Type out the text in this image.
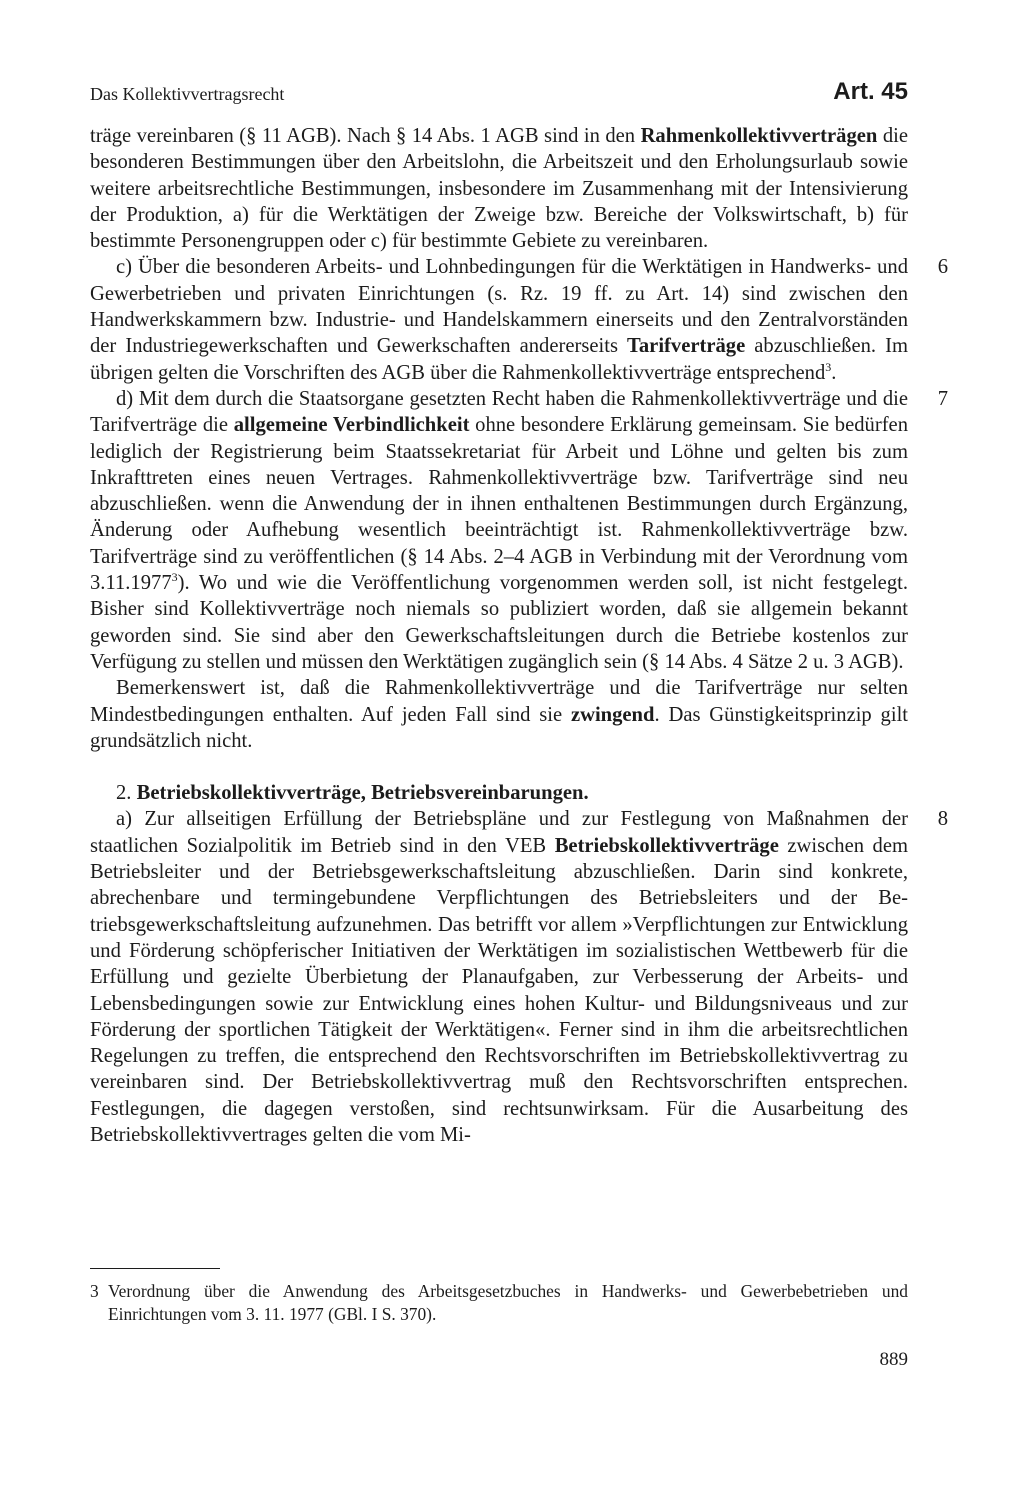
Das Kollektivvertragsrecht	Art. 45

träge vereinbaren (§ 11 AGB). Nach § 14 Abs. 1 AGB sind in den Rahmenkollektivverträgen die besonderen Bestimmungen über den Arbeitslohn, die Arbeitszeit und den Erholungsurlaub sowie weitere arbeitsrechtliche Bestimmungen, insbesondere im Zusammenhang mit der Intensivierung der Produktion, a) für die Werktätigen der Zweige bzw. Bereiche der Volkswirtschaft, b) für bestimmte Personengruppen oder c) für bestimmte Gebiete zu vereinbaren.

6
c) Über die besonderen Arbeits- und Lohnbedingungen für die Werktätigen in Handwerks- und Gewerbetrieben und privaten Einrichtungen (s. Rz. 19 ff. zu Art. 14) sind zwischen den Handwerkskammern bzw. Industrie- und Handelskammern einerseits und den Zentralvorständen der Industriegewerkschaften und Gewerkschaften andererseits Tarifverträge abzuschließen. Im übrigen gelten die Vorschriften des AGB über die Rahmenkollektivverträge entsprechend$^3$.

7
d) Mit dem durch die Staatsorgane gesetzten Recht haben die Rahmenkollektivverträge und die Tarifverträge die allgemeine Verbindlichkeit ohne besondere Erklärung gemeinsam. Sie bedürfen lediglich der Registrierung beim Staatssekretariat für Arbeit und Löhne und gelten bis zum Inkrafttreten eines neuen Vertrages. Rahmenkollektivverträge bzw. Tarifverträge sind neu abzuschließen. wenn die Anwendung der in ihnen enthaltenen Bestimmungen durch Ergänzung, Änderung oder Aufhebung wesentlich beeinträchtigt ist. Rahmenkollektivverträge bzw. Tarifverträge sind zu veröffentlichen (§ 14 Abs. 2–4 AGB in Verbindung mit der Verordnung vom 3.11.1977$^3$). Wo und wie die Veröffentlichung vorgenommen werden soll, ist nicht festgelegt. Bisher sind Kollektivverträge noch niemals so publiziert worden, daß sie allgemein bekannt geworden sind. Sie sind aber den Gewerkschaftsleitungen durch die Betriebe kostenlos zur Verfügung zu stellen und müssen den Werktätigen zugänglich sein (§ 14 Abs. 4 Sätze 2 u. 3 AGB).

Bemerkenswert ist, daß die Rahmenkollektivverträge und die Tarifverträge nur selten Mindestbedingungen enthalten. Auf jeden Fall sind sie zwingend. Das Günstigkeitsprinzip gilt grundsätzlich nicht.

2. Betriebskollektivverträge, Betriebsvereinbarungen.

8
a) Zur allseitigen Erfüllung der Betriebspläne und zur Festlegung von Maßnahmen der staatlichen Sozialpolitik im Betrieb sind in den VEB Betriebskollektivverträge zwischen dem Betriebsleiter und der Betriebsgewerkschaftsleitung abzuschließen. Darin sind konkrete, abrechenbare und termingebundene Verpflichtungen des Betriebsleiters und der Betriebsgewerkschaftsleitung aufzunehmen. Das betrifft vor allem »Verpflichtungen zur Entwicklung und Förderung schöpferischer Initiativen der Werktätigen im sozialistischen Wettbewerb für die Erfüllung und gezielte Überbietung der Planaufgaben, zur Verbesserung der Arbeits- und Lebensbedingungen sowie zur Entwicklung eines hohen Kultur- und Bildungsniveaus und zur Förderung der sportlichen Tätigkeit der Werktätigen«. Ferner sind in ihm die arbeitsrechtlichen Regelungen zu treffen, die entsprechend den Rechtsvorschriften im Betriebskollektivvertrag zu vereinbaren sind. Der Betriebskollektivvertrag muß den Rechtsvorschriften entsprechen. Festlegungen, die dagegen verstoßen, sind rechtsunwirksam. Für die Ausarbeitung des Betriebskollektivvertrages gelten die vom Mi-

3 Verordnung über die Anwendung des Arbeitsgesetzbuches in Handwerks- und Gewerbebetrieben und Einrichtungen vom 3. 11. 1977 (GBl. I S. 370).
889
